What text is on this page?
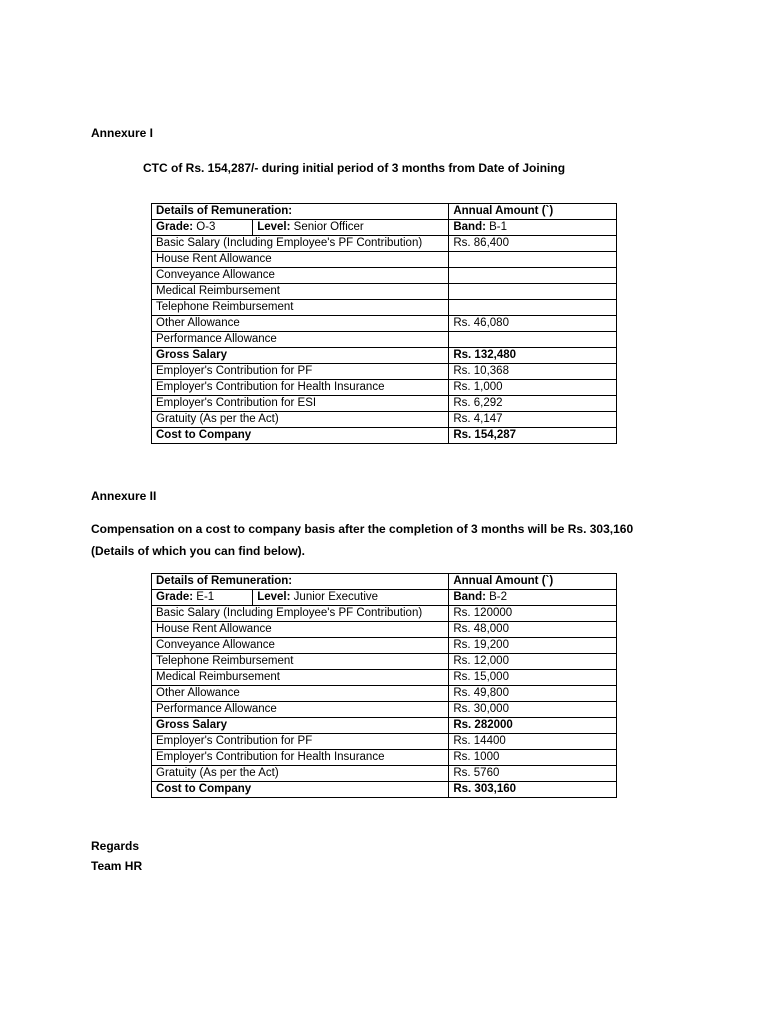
Annexure I
CTC of Rs. 154,287/- during initial period of 3 months from Date of Joining
Details of Remuneration:		Annual Amount (`)
Grade: O-3	Level: Senior Officer	Band: B-1
Basic Salary (Including Employee's PF Contribution)		Rs. 86,400
House Rent Allowance		
Conveyance Allowance		
Medical Reimbursement		
Telephone Reimbursement		
Other Allowance		Rs. 46,080
Performance Allowance		
Gross Salary		Rs. 132,480
Employer's Contribution for PF		Rs. 10,368
Employer's Contribution for Health Insurance		Rs. 1,000
Employer's Contribution for ESI		Rs. 6,292
Gratuity (As per the Act)		Rs. 4,147
Cost to Company		Rs. 154,287
Annexure II
Compensation on a cost to company basis after the completion of 3 months will be Rs. 303,160
(Details of which you can find below).
Details of Remuneration:		Annual Amount (`)
Grade: E-1	Level: Junior Executive	Band: B-2
Basic Salary (Including Employee's PF Contribution)		Rs. 120000
House Rent Allowance		Rs. 48,000
Conveyance Allowance		Rs. 19,200
Telephone Reimbursement		Rs. 12,000
Medical Reimbursement		Rs. 15,000
Other Allowance		Rs. 49,800
Performance Allowance		Rs. 30,000
Gross Salary		Rs. 282000
Employer's Contribution for PF		Rs. 14400
Employer's Contribution for Health Insurance		Rs. 1000
Gratuity (As per the Act)		Rs. 5760
Cost to Company		Rs. 303,160
Regards
Team HR
